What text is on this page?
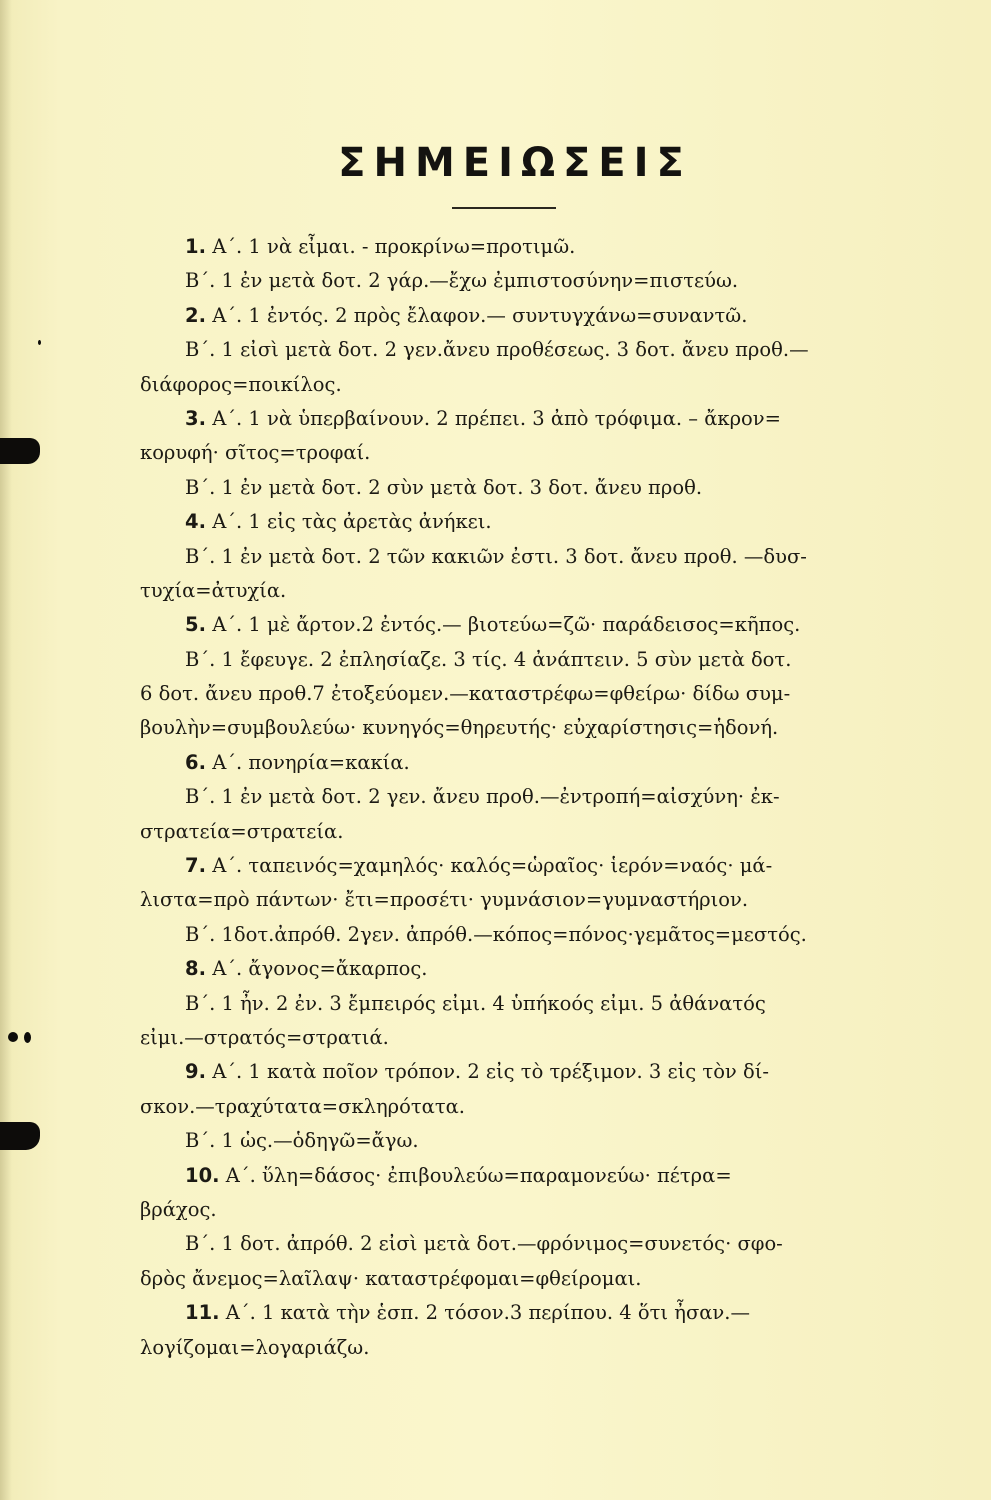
ΣΗΜΕΙΩΣΕΙΣ
1. Α΄. 1 νὰ εἶμαι. - προκρίνω=προτιμῶ.
Β΄. 1 ἐν μετὰ δοτ. 2 γάρ.—ἔχω ἐμπιστοσύνην=πιστεύω.
2. Α΄. 1 ἐντός. 2 πρὸς ἔλαφον.— συντυγχάνω=συναντῶ.
Β΄. 1 εἰσὶ μετὰ δοτ. 2 γεν.ἄνευ προθέσεως. 3 δοτ. ἄνευ προθ.—
διάφορος=ποικίλος.
3. Α΄. 1 νὰ ὑπερβαίνουν. 2 πρέπει. 3 ἀπὸ τρόφιμα. – ἄκρον=
κορυφή· σῖτος=τροφαί.
Β΄. 1 ἐν μετὰ δοτ. 2 σὺν μετὰ δοτ. 3 δοτ. ἄνευ προθ.
4. Α΄. 1 εἰς τὰς ἀρετὰς ἀνήκει.
Β΄. 1 ἐν μετὰ δοτ. 2 τῶν κακιῶν ἐστι. 3 δοτ. ἄνευ προθ. —δυσ-
τυχία=ἀτυχία.
5. Α΄. 1 μὲ ἄρτον.2 ἐντός.— βιοτεύω=ζῶ· παράδεισος=κῆπος.
Β΄. 1 ἔφευγε. 2 ἐπλησίαζε. 3 τίς. 4 ἀνάπτειν. 5 σὺν μετὰ δοτ.
6 δοτ. ἄνευ προθ.7 ἐτοξεύομεν.—καταστρέφω=φθείρω· δίδω συμ-
βουλὴν=συμβουλεύω· κυνηγός=θηρευτής· εὐχαρίστησις=ἡδονή.
6. Α΄. πονηρία=κακία.
Β΄. 1 ἐν μετὰ δοτ. 2 γεν. ἄνευ προθ.—ἐντροπή=αἰσχύνη· ἐκ-
στρατεία=στρατεία.
7. Α΄. ταπεινός=χαμηλός· καλός=ὡραῖος· ἱερόν=ναός· μά-
λιστα=πρὸ πάντων· ἔτι=προσέτι· γυμνάσιον=γυμναστήριον.
Β΄. 1δοτ.ἀπρόθ. 2γεν. ἀπρόθ.—κόπος=πόνος·γεμᾶτος=μεστός.
8. Α΄. ἄγονος=ἄκαρπος.
Β΄. 1 ἦν. 2 ἐν. 3 ἔμπειρός εἰμι. 4 ὑπήκοός εἰμι. 5 ἀθάνατός
εἰμι.—στρατός=στρατιά.
9. Α΄. 1 κατὰ ποῖον τρόπον. 2 εἰς τὸ τρέξιμον. 3 εἰς τὸν δί-
σκον.—τραχύτατα=σκληρότατα.
Β΄. 1 ὡς.—ὁδηγῶ=ἄγω.
10. Α΄. ὕλη=δάσος· ἐπιβουλεύω=παραμονεύω· πέτρα=
βράχος.
Β΄. 1 δοτ. ἀπρόθ. 2 εἰσὶ μετὰ δοτ.—φρόνιμος=συνετός· σφο-
δρὸς ἄνεμος=λαῖλαψ· καταστρέφομαι=φθείρομαι.
11. Α΄. 1 κατὰ τὴν ἑσπ. 2 τόσον.3 περίπου. 4 ὅτι ἦσαν.—
λογίζομαι=λογαριάζω.
